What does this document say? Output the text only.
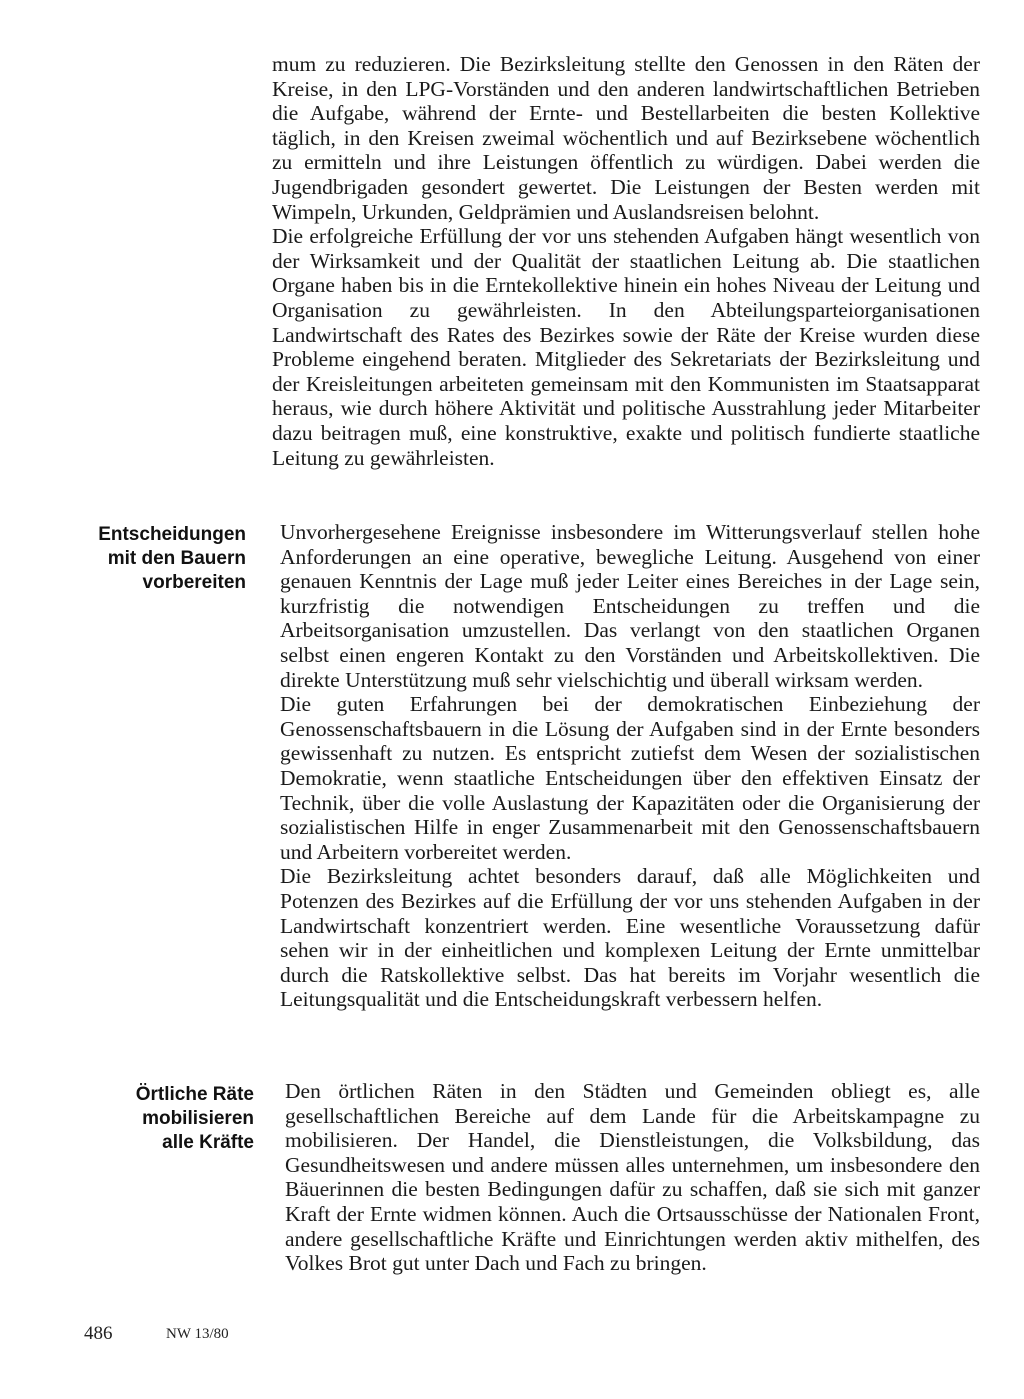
mum zu reduzieren. Die Bezirksleitung stellte den Genossen in den Räten der Kreise, in den LPG-Vorständen und den anderen landwirtschaftlichen Betrieben die Aufgabe, während der Ernte- und Bestellarbeiten die besten Kollektive täglich, in den Kreisen zweimal wöchentlich und auf Bezirksebene wöchentlich zu ermitteln und ihre Leistungen öffentlich zu würdigen. Dabei werden die Jugendbrigaden gesondert gewertet. Die Leistungen der Besten werden mit Wimpeln, Urkunden, Geldprämien und Auslandsreisen belohnt.

Die erfolgreiche Erfüllung der vor uns stehenden Aufgaben hängt wesentlich von der Wirksamkeit und der Qualität der staatlichen Leitung ab. Die staatlichen Organe haben bis in die Erntekollektive hinein ein hohes Niveau der Leitung und Organisation zu gewährleisten. In den Abteilungsparteiorganisationen Landwirtschaft des Rates des Bezirkes sowie der Räte der Kreise wurden diese Probleme eingehend beraten. Mitglieder des Sekretariats der Bezirksleitung und der Kreisleitungen arbeiteten gemeinsam mit den Kommunisten im Staatsapparat heraus, wie durch höhere Aktivität und politische Ausstrahlung jeder Mitarbeiter dazu beitragen muß, eine konstruktive, exakte und politisch fundierte staatliche Leitung zu gewährleisten.

Entscheidungen
mit den Bauern
vorbereiten

Unvorhergesehene Ereignisse insbesondere im Witterungsverlauf stellen hohe Anforderungen an eine operative, bewegliche Leitung. Ausgehend von einer genauen Kenntnis der Lage muß jeder Leiter eines Bereiches in der Lage sein, kurzfristig die notwendigen Entscheidungen zu treffen und die Arbeitsorganisation umzustellen. Das verlangt von den staatlichen Organen selbst einen engeren Kontakt zu den Vorständen und Arbeitskollektiven. Die direkte Unterstützung muß sehr vielschichtig und überall wirksam werden.

Die guten Erfahrungen bei der demokratischen Einbeziehung der Genossenschaftsbauern in die Lösung der Aufgaben sind in der Ernte besonders gewissenhaft zu nutzen. Es entspricht zutiefst dem Wesen der sozialistischen Demokratie, wenn staatliche Entscheidungen über den effektiven Einsatz der Technik, über die volle Auslastung der Kapazitäten oder die Organisierung der sozialistischen Hilfe in enger Zusammenarbeit mit den Genossenschaftsbauern und Arbeitern vorbereitet werden.

Die Bezirksleitung achtet besonders darauf, daß alle Möglichkeiten und Potenzen des Bezirkes auf die Erfüllung der vor uns stehenden Aufgaben in der Landwirtschaft konzentriert werden. Eine wesentliche Voraussetzung dafür sehen wir in der einheitlichen und komplexen Leitung der Ernte unmittelbar durch die Ratskollektive selbst. Das hat bereits im Vorjahr wesentlich die Leitungsqualität und die Entscheidungskraft verbessern helfen.

Örtliche Räte
mobilisieren
alle Kräfte

Den örtlichen Räten in den Städten und Gemeinden obliegt es, alle gesellschaftlichen Bereiche auf dem Lande für die Arbeitskampagne zu mobilisieren. Der Handel, die Dienstleistungen, die Volksbildung, das Gesundheitswesen und andere müssen alles unternehmen, um insbesondere den Bäuerinnen die besten Bedingungen dafür zu schaffen, daß sie sich mit ganzer Kraft der Ernte widmen können. Auch die Ortsausschüsse der Nationalen Front, andere gesellschaftliche Kräfte und Einrichtungen werden aktiv mithelfen, des Volkes Brot gut unter Dach und Fach zu bringen.

486	NW 13/80
